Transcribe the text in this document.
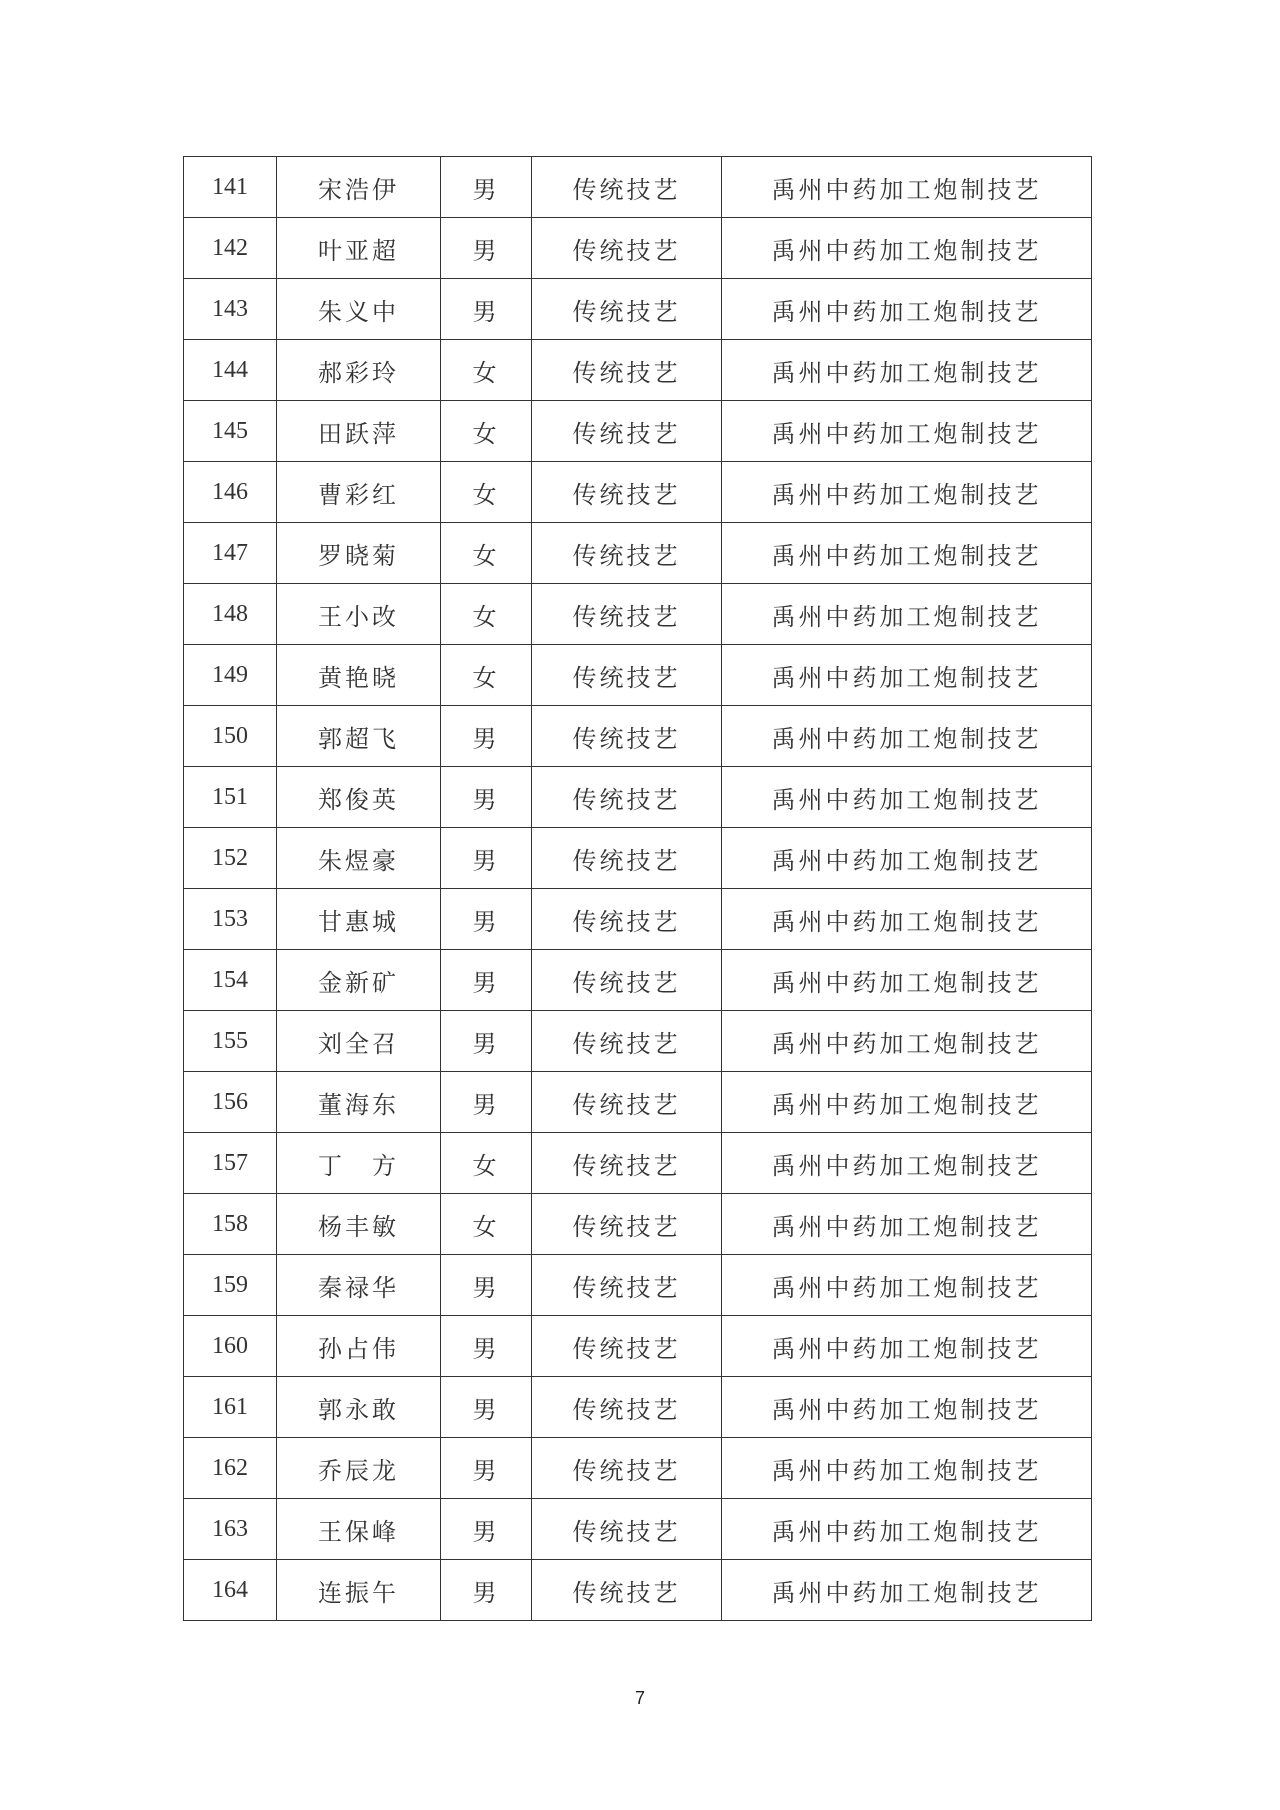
141	宋浩伊	男	传统技艺	禹州中药加工炮制技艺
142	叶亚超	男	传统技艺	禹州中药加工炮制技艺
143	朱义中	男	传统技艺	禹州中药加工炮制技艺
144	郝彩玲	女	传统技艺	禹州中药加工炮制技艺
145	田跃萍	女	传统技艺	禹州中药加工炮制技艺
146	曹彩红	女	传统技艺	禹州中药加工炮制技艺
147	罗晓菊	女	传统技艺	禹州中药加工炮制技艺
148	王小改	女	传统技艺	禹州中药加工炮制技艺
149	黄艳晓	女	传统技艺	禹州中药加工炮制技艺
150	郭超飞	男	传统技艺	禹州中药加工炮制技艺
151	郑俊英	男	传统技艺	禹州中药加工炮制技艺
152	朱煜豪	男	传统技艺	禹州中药加工炮制技艺
153	甘惠城	男	传统技艺	禹州中药加工炮制技艺
154	金新矿	男	传统技艺	禹州中药加工炮制技艺
155	刘全召	男	传统技艺	禹州中药加工炮制技艺
156	董海东	男	传统技艺	禹州中药加工炮制技艺
157	丁　方	女	传统技艺	禹州中药加工炮制技艺
158	杨丰敏	女	传统技艺	禹州中药加工炮制技艺
159	秦禄华	男	传统技艺	禹州中药加工炮制技艺
160	孙占伟	男	传统技艺	禹州中药加工炮制技艺
161	郭永敢	男	传统技艺	禹州中药加工炮制技艺
162	乔辰龙	男	传统技艺	禹州中药加工炮制技艺
163	王保峰	男	传统技艺	禹州中药加工炮制技艺
164	连振午	男	传统技艺	禹州中药加工炮制技艺
7
